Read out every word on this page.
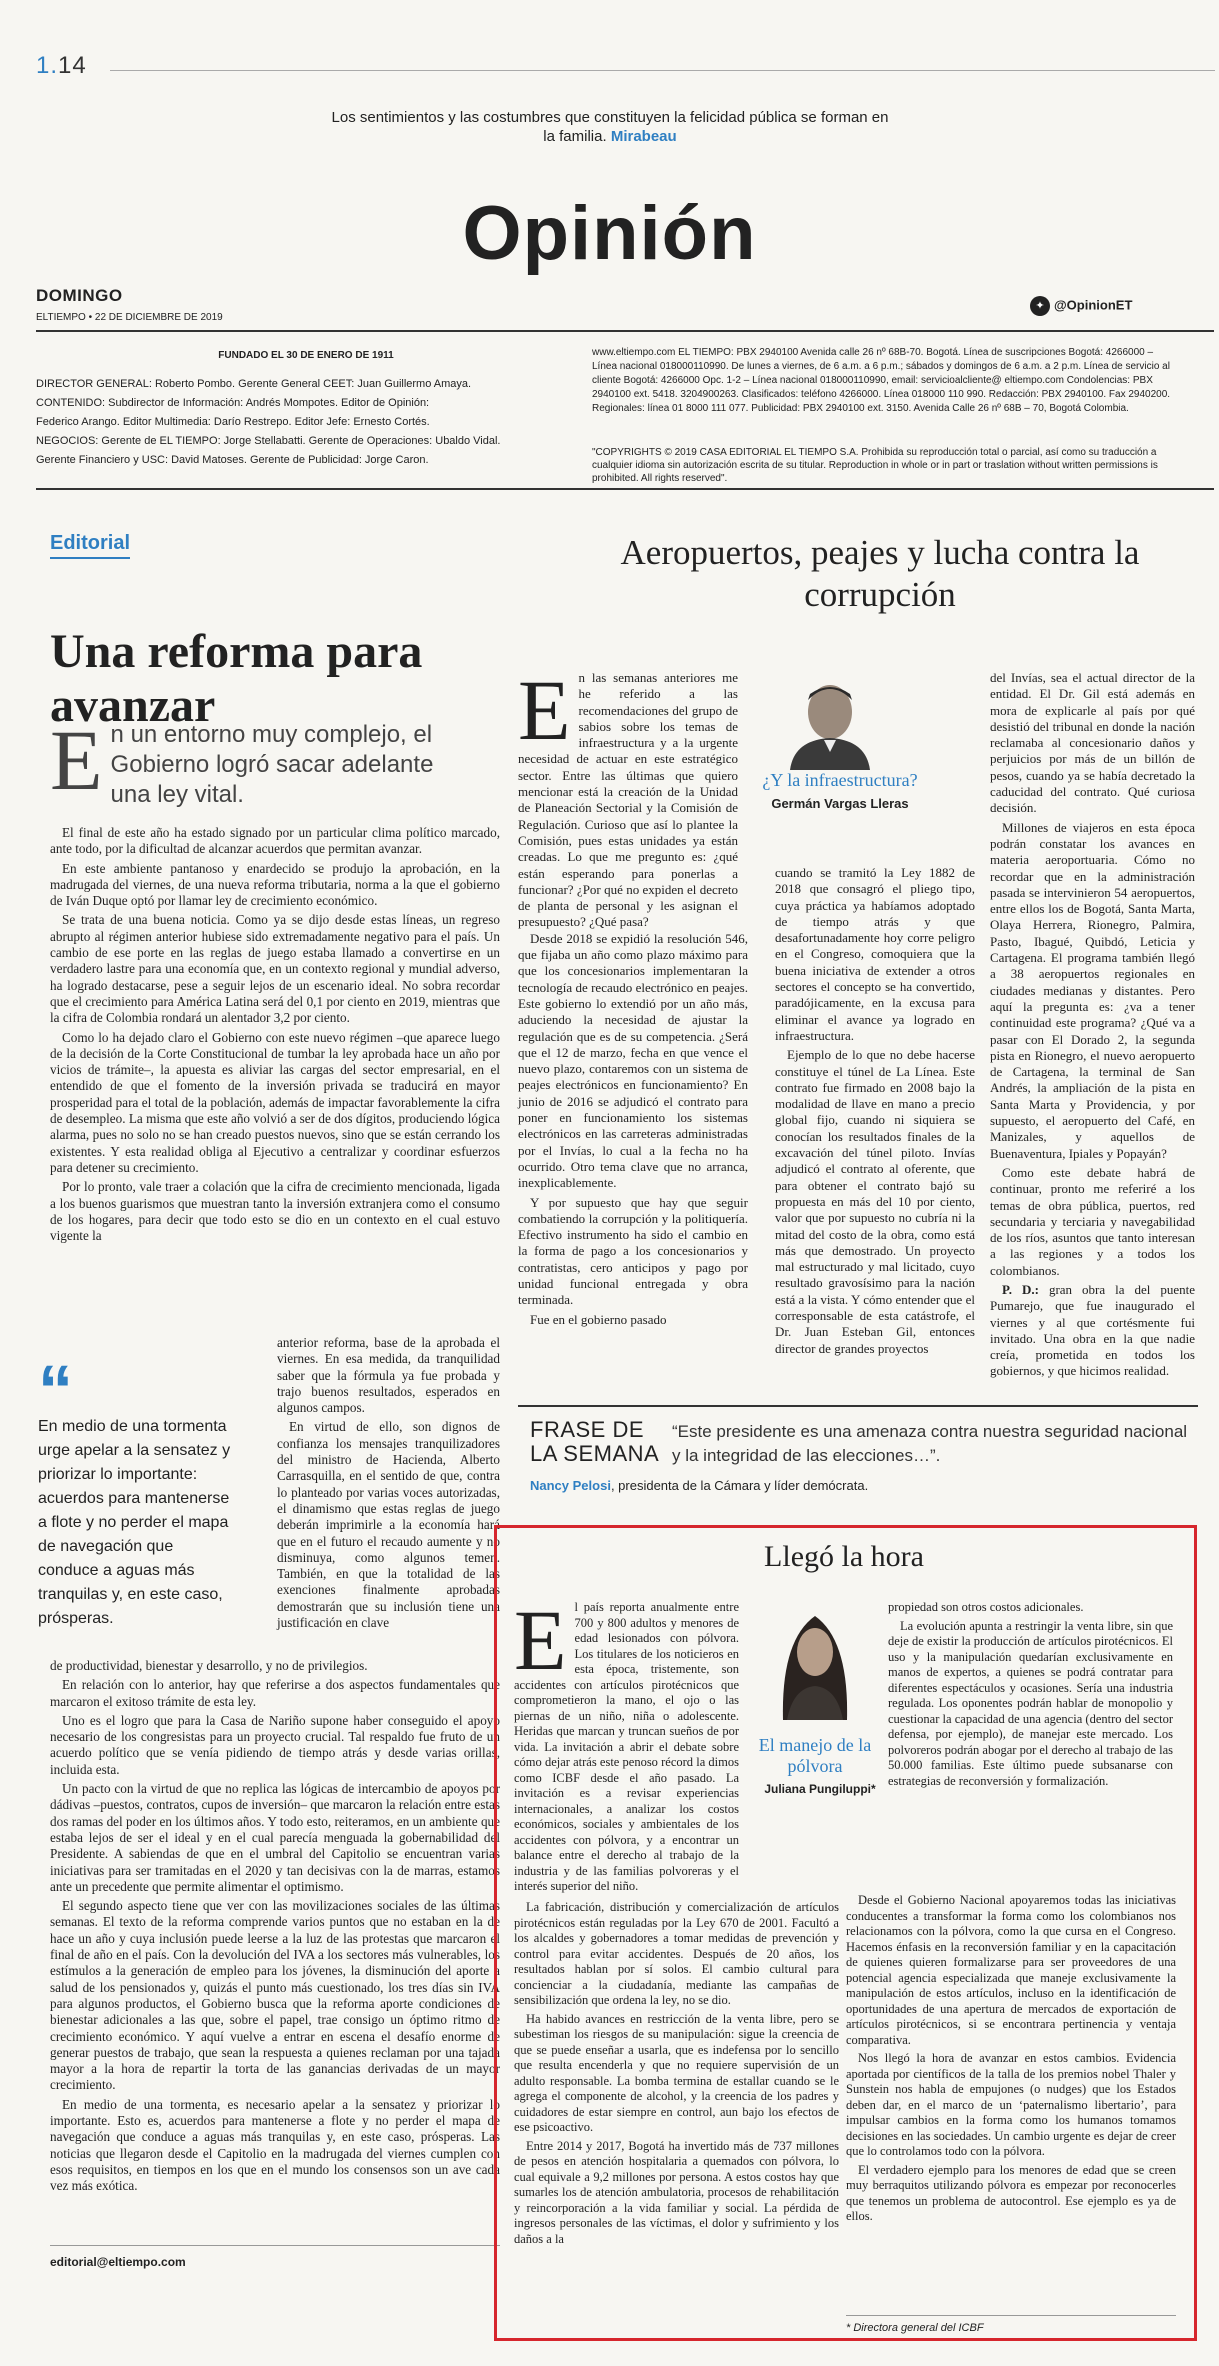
1.14
Los sentimientos y las costumbres que constituyen la felicidad pública se forman en la familia. Mirabeau
Opinión
DOMINGO
ELTIEMPO • 22 DE DICIEMBRE DE 2019
✦ @OpinionET
FUNDADO EL 30 DE ENERO DE 1911
DIRECTOR GENERAL: Roberto Pombo. Gerente General CEET: Juan Guillermo Amaya.
CONTENIDO: Subdirector de Información: Andrés Mompotes. Editor de Opinión:
Federico Arango. Editor Multimedia: Darío Restrepo. Editor Jefe: Ernesto Cortés.
NEGOCIOS: Gerente de EL TIEMPO: Jorge Stellabatti. Gerente de Operaciones: Ubaldo Vidal.
Gerente Financiero y USC: David Matoses. Gerente de Publicidad: Jorge Caron.
www.eltiempo.com EL TIEMPO: PBX 2940100 Avenida calle 26 nº 68B-70. Bogotá. Línea de suscripciones Bogotá: 4266000 – Línea nacional 018000110990. De lunes a viernes, de 6 a.m. a 6 p.m.; sábados y domingos de 6 a.m. a 2 p.m. Línea de servicio al cliente Bogotá: 4266000 Opc. 1-2 – Línea nacional 018000110990, email: servicioalcliente@ eltiempo.com Condolencias: PBX 2940100 ext. 5418. 3204900263. Clasificados: teléfono 4266000. Línea 018000 110 990. Redacción: PBX 2940100. Fax 2940200. Regionales: línea 01 8000 111 077. Publicidad: PBX 2940100 ext. 3150. Avenida Calle 26 nº 68B – 70, Bogotá Colombia.
"COPYRIGHTS © 2019 CASA EDITORIAL EL TIEMPO S.A. Prohibida su reproducción total o parcial, así como su traducción a cualquier idioma sin autorización escrita de su titular. Reproduction in whole or in part or traslation without written permissions is prohibited. All rights reserved".
Editorial
Una reforma para avanzar
En un entorno muy complejo, el Gobierno logró sacar adelante una ley vital.

El final de este año ha estado signado por un particular clima político marcado, ante todo, por la dificultad de alcanzar acuerdos que permitan avanzar.

En este ambiente pantanoso y enardecido se produjo la aprobación, en la madrugada del viernes, de una nueva reforma tributaria, norma a la que el gobierno de Iván Duque optó por llamar ley de crecimiento económico.

Se trata de una buena noticia. Como ya se dijo desde estas líneas, un regreso abrupto al régimen anterior hubiese sido extremadamente negativo para el país. Un cambio de ese porte en las reglas de juego estaba llamado a convertirse en un verdadero lastre para una economía que, en un contexto regional y mundial adverso, ha logrado destacarse, pese a seguir lejos de un escenario ideal. No sobra recordar que el crecimiento para América Latina será del 0,1 por ciento en 2019, mientras que la cifra de Colombia rondará un alentador 3,2 por ciento.

Como lo ha dejado claro el Gobierno con este nuevo régimen –que aparece luego de la decisión de la Corte Constitucional de tumbar la ley aprobada hace un año por vicios de trámite–, la apuesta es aliviar las cargas del sector empresarial, en el entendido de que el fomento de la inversión privada se traducirá en mayor prosperidad para el total de la población, además de impactar favorablemente la cifra de desempleo. La misma que este año volvió a ser de dos dígitos, produciendo lógica alarma, pues no solo no se han creado puestos nuevos, sino que se están cerrando los existentes. Y esta realidad obliga al Ejecutivo a centralizar y coordinar esfuerzos para detener su crecimiento.

Por lo pronto, vale traer a colación que la cifra de crecimiento mencionada, ligada a los buenos guarismos que muestran tanto la inversión extranjera como el consumo de los hogares, para decir que todo esto se dio en un contexto en el cual estuvo vigente la

“
En medio de una tormenta urge apelar a la sensatez y priorizar lo importante: acuerdos para mantenerse a flote y no perder el mapa de navegación que conduce a aguas más tranquilas y, en este caso, prósperas.

anterior reforma, base de la aprobada el viernes. En esa medida, da tranquilidad saber que la fórmula ya fue probada y trajo buenos resultados, esperados en algunos campos.

En virtud de ello, son dignos de confianza los mensajes tranquilizadores del ministro de Hacienda, Alberto Carrasquilla, en el sentido de que, contra lo planteado por varias voces autorizadas, el dinamismo que estas reglas de juego deberán imprimirle a la economía hará que en el futuro el recaudo aumente y no disminuya, como algunos temen. También, en que la totalidad de las exenciones finalmente aprobadas demostrarán que su inclusión tiene una justificación en clave

de productividad, bienestar y desarrollo, y no de privilegios.

En relación con lo anterior, hay que referirse a dos aspectos fundamentales que marcaron el exitoso trámite de esta ley.

Uno es el logro que para la Casa de Nariño supone haber conseguido el apoyo necesario de los congresistas para un proyecto crucial. Tal respaldo fue fruto de un acuerdo político que se venía pidiendo de tiempo atrás y desde varias orillas, incluida esta.

Un pacto con la virtud de que no replica las lógicas de intercambio de apoyos por dádivas –puestos, contratos, cupos de inversión– que marcaron la relación entre estas dos ramas del poder en los últimos años. Y todo esto, reiteramos, en un ambiente que estaba lejos de ser el ideal y en el cual parecía menguada la gobernabilidad del Presidente. A sabiendas de que en el umbral del Capitolio se encuentran varias iniciativas para ser tramitadas en el 2020 y tan decisivas con la de marras, estamos ante un precedente que permite alimentar el optimismo.

El segundo aspecto tiene que ver con las movilizaciones sociales de las últimas semanas. El texto de la reforma comprende varios puntos que no estaban en la de hace un año y cuya inclusión puede leerse a la luz de las protestas que marcaron el final de año en el país. Con la devolución del IVA a los sectores más vulnerables, los estímulos a la generación de empleo para los jóvenes, la disminución del aporte a salud de los pensionados y, quizás el punto más cuestionado, los tres días sin IVA para algunos productos, el Gobierno busca que la reforma aporte condiciones de bienestar adicionales a las que, sobre el papel, trae consigo un óptimo ritmo de crecimiento económico. Y aquí vuelve a entrar en escena el desafío enorme de generar puestos de trabajo, que sean la respuesta a quienes reclaman por una tajada mayor a la hora de repartir la torta de las ganancias derivadas de un mayor crecimiento.

En medio de una tormenta, es necesario apelar a la sensatez y priorizar lo importante. Esto es, acuerdos para mantenerse a flote y no perder el mapa de navegación que conduce a aguas más tranquilas y, en este caso, prósperas. Las noticias que llegaron desde el Capitolio en la madrugada del viernes cumplen con esos requisitos, en tiempos en los que en el mundo los consensos son un ave cada vez más exótica.

editorial@eltiempo.com
Aeropuertos, peajes y lucha contra la corrupción
¿Y la infraestructura?
Germán Vargas Lleras
En las semanas anteriores me he referido a las recomendaciones del grupo de sabios sobre los temas de infraestructura y a la urgente necesidad de actuar en este estratégico sector. Entre las últimas que quiero mencionar está la creación de la Unidad de Planeación Sectorial y la Comisión de Regulación. Curioso que así lo plantee la Comisión, pues estas unidades ya están creadas. Lo que me pregunto es: ¿qué están esperando para ponerlas a funcionar? ¿Por qué no expiden el decreto de planta de personal y les asignan el presupuesto? ¿Qué pasa?

Desde 2018 se expidió la resolución 546, que fijaba un año como plazo máximo para que los concesionarios implementaran la tecnología de recaudo electrónico en peajes. Este gobierno lo extendió por un año más, aduciendo la necesidad de ajustar la regulación que es de su competencia. ¿Será que el 12 de marzo, fecha en que vence el nuevo plazo, contaremos con un sistema de peajes electrónicos en funcionamiento? En junio de 2016 se adjudicó el contrato para poner en funcionamiento los sistemas electrónicos en las carreteras administradas por el Invías, lo cual a la fecha no ha ocurrido. Otro tema clave que no arranca, inexplicablemente.

Y por supuesto que hay que seguir combatiendo la corrupción y la politiquería. Efectivo instrumento ha sido el cambio en la forma de pago a los concesionarios y contratistas, cero anticipos y pago por unidad funcional entregada y obra terminada.

Fue en el gobierno pasado

cuando se tramitó la Ley 1882 de 2018 que consagró el pliego tipo, cuya práctica ya habíamos adoptado de tiempo atrás y que desafortunadamente hoy corre peligro en el Congreso, comoquiera que la buena iniciativa de extender a otros sectores el concepto se ha convertido, paradójicamente, en la excusa para eliminar el avance ya logrado en infraestructura.

Ejemplo de lo que no debe hacerse constituye el túnel de La Línea. Este contrato fue firmado en 2008 bajo la modalidad de llave en mano a precio global fijo, cuando ni siquiera se conocían los resultados finales de la excavación del túnel piloto. Invías adjudicó el contrato al oferente, que para obtener el contrato bajó su propuesta en más del 10 por ciento, valor que por supuesto no cubría ni la mitad del costo de la obra, como está más que demostrado. Un proyecto mal estructurado y mal licitado, cuyo resultado gravosísimo para la nación está a la vista. Y cómo entender que el corresponsable de esta catástrofe, el Dr. Juan Esteban Gil, entonces director de grandes proyectos

del Invías, sea el actual director de la entidad. El Dr. Gil está además en mora de explicarle al país por qué desistió del tribunal en donde la nación reclamaba al concesionario daños y perjuicios por más de un billón de pesos, cuando ya se había decretado la caducidad del contrato. Qué curiosa decisión.

Millones de viajeros en esta época podrán constatar los avances en materia aeroportuaria. Cómo no recordar que en la administración pasada se intervinieron 54 aeropuertos, entre ellos los de Bogotá, Santa Marta, Olaya Herrera, Rionegro, Palmira, Pasto, Ibagué, Quibdó, Leticia y Cartagena. El programa también llegó a 38 aeropuertos regionales en ciudades medianas y distantes. Pero aquí la pregunta es: ¿va a tener continuidad este programa? ¿Qué va a pasar con El Dorado 2, la segunda pista en Rionegro, el nuevo aeropuerto de Cartagena, la terminal de San Andrés, la ampliación de la pista en Santa Marta y Providencia, y por supuesto, el aeropuerto del Café, en Manizales, y aquellos de Buenaventura, Ipiales y Popayán?

Como este debate habrá de continuar, pronto me referiré a los temas de obra pública, puertos, red secundaria y terciaria y navegabilidad de los ríos, asuntos que tanto interesan a las regiones y a todos los colombianos.

P. D.: gran obra la del puente Pumarejo, que fue inaugurado el viernes y al que cortésmente fui invitado. Una obra en la que nadie creía, prometida en todos los gobiernos, y que hicimos realidad.

FRASE DE
LA SEMANA
“Este presidente es una amenaza contra nuestra seguridad nacional y la integridad de las elecciones…”.
Nancy Pelosi, presidenta de la Cámara y líder demócrata.
Llegó la hora
El manejo de la pólvora
Juliana Pungiluppi*
El país reporta anualmente entre 700 y 800 adultos y menores de edad lesionados con pólvora. Los titulares de los noticieros en esta época, tristemente, son accidentes con artículos pirotécnicos que comprometieron la mano, el ojo o las piernas de un niño, niña o adolescente. Heridas que marcan y truncan sueños de por vida. La invitación a abrir el debate sobre cómo dejar atrás este penoso récord la dimos como ICBF desde el año pasado. La invitación es a revisar experiencias internacionales, a analizar los costos económicos, sociales y ambientales de los accidentes con pólvora, y a encontrar un balance entre el derecho al trabajo de la industria y de las familias polvoreras y el interés superior del niño.

La fabricación, distribución y comercialización de artículos pirotécnicos están reguladas por la Ley 670 de 2001. Facultó a los alcaldes y gobernadores a tomar medidas de prevención y control para evitar accidentes. Después de 20 años, los resultados hablan por sí solos. El cambio cultural para concienciar a la ciudadanía, mediante las campañas de sensibilización que ordena la ley, no se dio.

Ha habido avances en restricción de la venta libre, pero se subestiman los riesgos de su manipulación: sigue la creencia de que se puede enseñar a usarla, que es indefensa por lo sencillo que resulta encenderla y que no requiere supervisión de un adulto responsable. La bomba termina de estallar cuando se le agrega el componente de alcohol, y la creencia de los padres y cuidadores de estar siempre en control, aun bajo los efectos de ese psicoactivo.

Entre 2014 y 2017, Bogotá ha invertido más de 737 millones de pesos en atención hospitalaria a quemados con pólvora, lo cual equivale a 9,2 millones por persona. A estos costos hay que sumarles los de atención ambulatoria, procesos de rehabilitación y reincorporación a la vida familiar y social. La pérdida de ingresos personales de las víctimas, el dolor y sufrimiento y los daños a la

propiedad son otros costos adicionales.

La evolución apunta a restringir la venta libre, sin que deje de existir la producción de artículos pirotécnicos. El uso y la manipulación quedarían exclusivamente en manos de expertos, a quienes se podrá contratar para diferentes espectáculos y ocasiones. Sería una industria regulada. Los oponentes podrán hablar de monopolio y cuestionar la capacidad de una agencia (dentro del sector defensa, por ejemplo), de manejar este mercado. Los polvoreros podrán abogar por el derecho al trabajo de las 50.000 familias. Este último puede subsanarse con estrategias de reconversión y formalización.

Desde el Gobierno Nacional apoyaremos todas las iniciativas conducentes a transformar la forma como los colombianos nos relacionamos con la pólvora, como la que cursa en el Congreso. Hacemos énfasis en la reconversión familiar y en la capacitación de quienes quieren formalizarse para ser proveedores de una potencial agencia especializada que maneje exclusivamente la manipulación de estos artículos, incluso en la identificación de oportunidades de una apertura de mercados de exportación de artículos pirotécnicos, si se encontrara pertinencia y ventaja comparativa.

Nos llegó la hora de avanzar en estos cambios. Evidencia aportada por científicos de la talla de los premios nobel Thaler y Sunstein nos habla de empujones (o nudges) que los Estados deben dar, en el marco de un ‘paternalismo libertario’, para impulsar cambios en la forma como los humanos tomamos decisiones en las sociedades. Un cambio urgente es dejar de creer que lo controlamos todo con la pólvora.

El verdadero ejemplo para los menores de edad que se creen muy berraquitos utilizando pólvora es empezar por reconocerles que tenemos un problema de autocontrol. Ese ejemplo es ya de ellos.

* Directora general del ICBF
